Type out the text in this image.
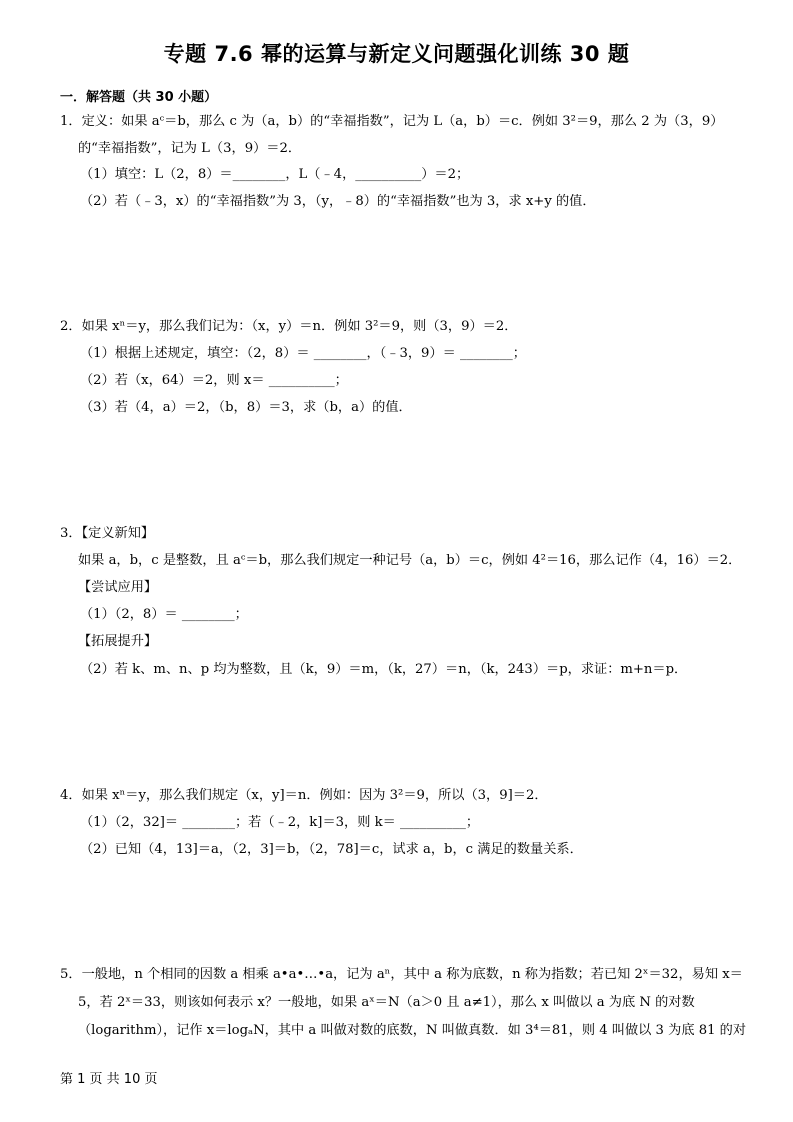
专题 7.6 幂的运算与新定义问题强化训练 30 题
一．解答题（共 30 小题）
1．定义：如果 aᶜ＝b，那么 c 为（a，b）的“幸福指数”，记为 L（a，b）＝c．例如 3²＝9，那么 2 为（3，9）
的“幸福指数”，记为 L（3，9）＝2．
（1）填空：L（2，8）＝________，L（﹣4，__________）＝2；
（2）若（﹣3，x）的“幸福指数”为 3，（y，﹣8）的“幸福指数”也为 3，求 x+y 的值．
2．如果 xⁿ＝y，那么我们记为：（x，y）＝n．例如 3²＝9，则（3，9）＝2．
（1）根据上述规定，填空：（2，8）＝ ________，（﹣3，9）＝ ________；
（2）若（x，64）＝2，则 x＝ __________；
（3）若（4，a）＝2，（b，8）＝3，求（b，a）的值．
3．【定义新知】
如果 a，b，c 是整数，且 aᶜ＝b，那么我们规定一种记号（a，b）＝c，例如 4²＝16，那么记作（4，16）＝2．
【尝试应用】
（1）（2，8）＝ ________；
【拓展提升】
（2）若 k、m、n、p 均为整数，且（k，9）＝m，（k，27）＝n，（k，243）＝p，求证：m+n＝p．
4．如果 xⁿ＝y，那么我们规定（x，y]＝n．例如：因为 3²＝9，所以（3，9]＝2．
（1）（2，32]＝ ________；若（﹣2，k]＝3，则 k＝ __________；
（2）已知（4，13]＝a，（2，3]＝b，（2，78]＝c，试求 a，b，c 满足的数量关系．
5．一般地，n 个相同的因数 a 相乘 a•a•…•a，记为 aⁿ，其中 a 称为底数，n 称为指数；若已知 2ˣ＝32，易知 x＝
5，若 2ˣ＝33，则该如何表示 x？一般地，如果 aˣ＝N（a＞0 且 a≠1），那么 x 叫做以 a 为底 N 的对数
（logarithm），记作 x＝logₐN，其中 a 叫做对数的底数，N 叫做真数．如 3⁴＝81，则 4 叫做以 3 为底 81 的对
第 1 页 共 10 页
